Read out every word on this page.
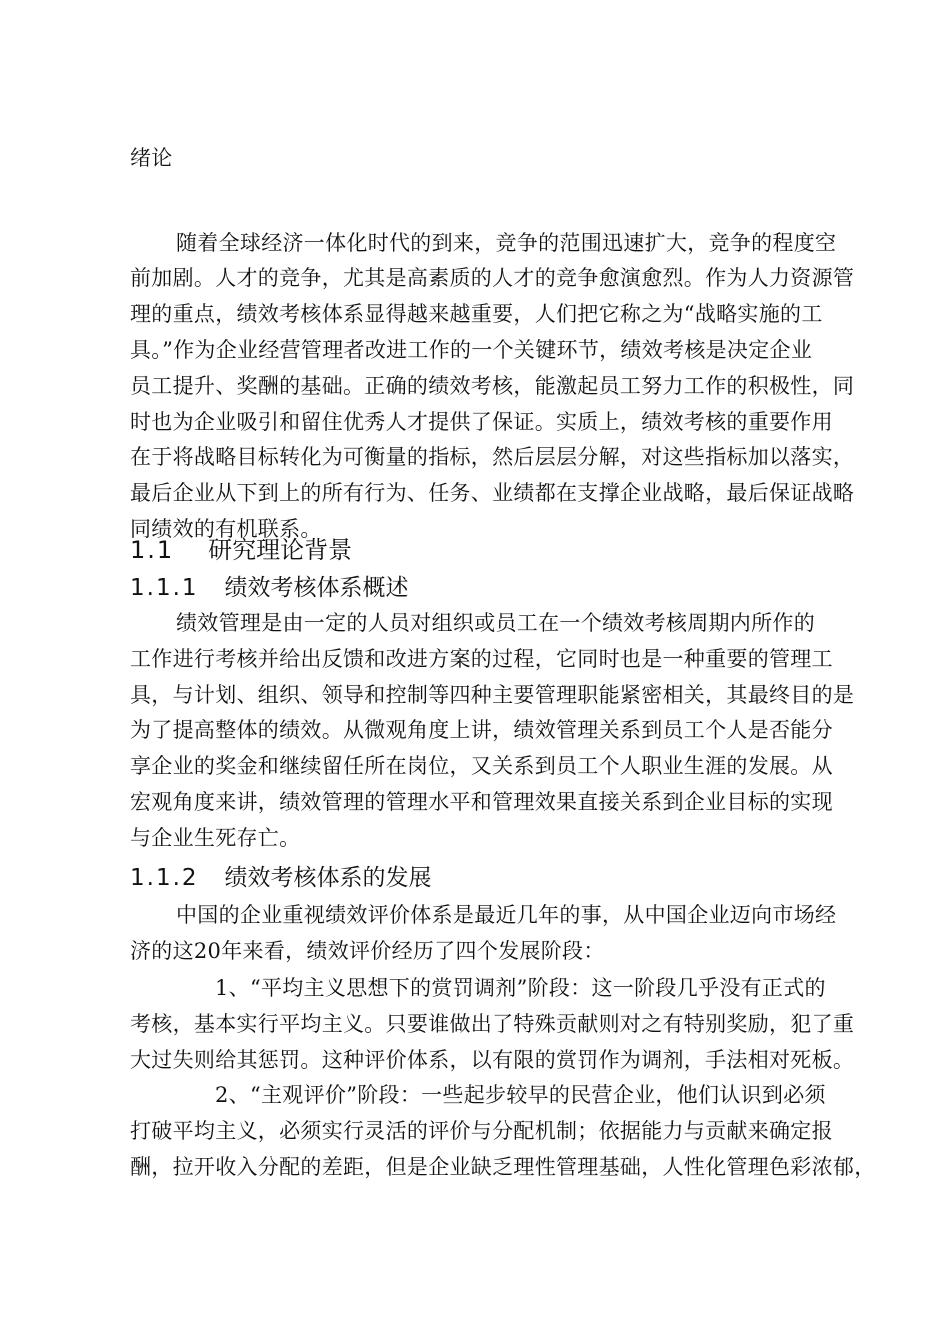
绪论
随着全球经济一体化时代的到来，竞争的范围迅速扩大，竞争的程度空
前加剧。人才的竞争，尤其是高素质的人才的竞争愈演愈烈。作为人力资源管
理的重点，绩效考核体系显得越来越重要，人们把它称之为“战略实施的工
具。”作为企业经营管理者改进工作的一个关键环节，绩效考核是决定企业
员工提升、奖酬的基础。正确的绩效考核，能激起员工努力工作的积极性，同
时也为企业吸引和留住优秀人才提供了保证。实质上，绩效考核的重要作用
在于将战略目标转化为可衡量的指标，然后层层分解，对这些指标加以落实，
最后企业从下到上的所有行为、任务、业绩都在支撑企业战略，最后保证战略
同绩效的有机联系。
1.1 研究理论背景
1.1.1 绩效考核体系概述
绩效管理是由一定的人员对组织或员工在一个绩效考核周期内所作的
工作进行考核并给出反馈和改进方案的过程，它同时也是一种重要的管理工
具，与计划、组织、领导和控制等四种主要管理职能紧密相关，其最终目的是
为了提高整体的绩效。从微观角度上讲，绩效管理关系到员工个人是否能分
享企业的奖金和继续留任所在岗位，又关系到员工个人职业生涯的发展。从
宏观角度来讲，绩效管理的管理水平和管理效果直接关系到企业目标的实现
与企业生死存亡。
1.1.2 绩效考核体系的发展
中国的企业重视绩效评价体系是最近几年的事，从中国企业迈向市场经
济的这20年来看，绩效评价经历了四个发展阶段：
1、“平均主义思想下的赏罚调剂”阶段：这一阶段几乎没有正式的
考核，基本实行平均主义。只要谁做出了特殊贡献则对之有特别奖励，犯了重
大过失则给其惩罚。这种评价体系，以有限的赏罚作为调剂，手法相对死板。
2、“主观评价”阶段：一些起步较早的民营企业，他们认识到必须
打破平均主义，必须实行灵活的评价与分配机制；依据能力与贡献来确定报
酬，拉开收入分配的差距，但是企业缺乏理性管理基础，人性化管理色彩浓郁，
